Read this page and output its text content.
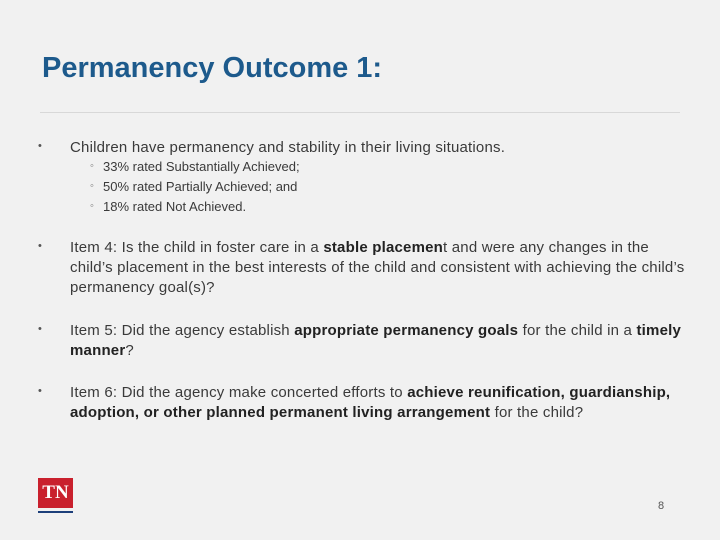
Permanency Outcome 1:
• Children have permanency and stability in their living situations.
◦ 33% rated Substantially Achieved;
◦ 50% rated Partially Achieved; and
◦ 18% rated Not Achieved.
• Item 4: Is the child in foster care in a stable placement and were any changes in the child’s placement in the best interests of the child and consistent with achieving the child’s permanency goal(s)?
• Item 5: Did the agency establish appropriate permanency goals for the child in a timely manner?
• Item 6: Did the agency make concerted efforts to achieve reunification, guardianship, adoption, or other planned permanent living arrangement for the child?
TN
8
